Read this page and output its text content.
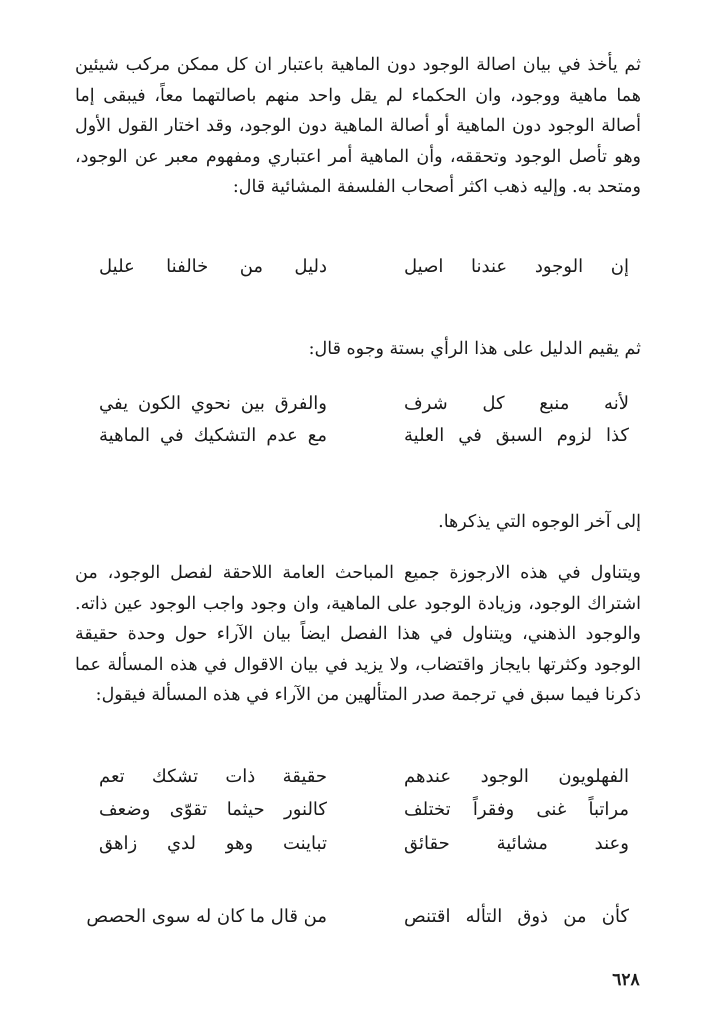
ثم يأخذ في بيان اصالة الوجود دون الماهية باعتبار ان كل ممكن مركب شيئين هما ماهية ووجود، وان الحكماء لم يقل واحد منهم باصالتهما معاً، فيبقى إما أصالة الوجود دون الماهية أو أصالة الماهية دون الوجود، وقد اختار القول الأول وهو تأصل الوجود وتحققه، وأن الماهية أمر اعتباري ومفهوم معبر عن الوجود، ومتحد به. وإليه ذهب اكثر أصحاب الفلسفة المشائية قال:

إن الوجود عندنا اصيل
دليل من خالفنا عليل

ثم يقيم الدليل على هذا الرأي بستة وجوه قال:

لأنه منبع كل شرف
والفرق بين نحوي الكون يفي
كذا لزوم السبق في العلية
مع عدم التشكيك في الماهية

إلى آخر الوجوه التي يذكرها.

ويتناول في هذه الارجوزة جميع المباحث العامة اللاحقة لفصل الوجود، من اشتراك الوجود، وزيادة الوجود على الماهية، وان وجود واجب الوجود عين ذاته. والوجود الذهني، ويتناول في هذا الفصل ايضاً بيان الآراء حول وحدة حقيقة الوجود وكثرتها بايجاز واقتضاب، ولا يزيد في بيان الاقوال في هذه المسألة عما ذكرنا فيما سبق في ترجمة صدر المتألهين من الآراء في هذه المسألة فيقول:

الفهلويون الوجود عندهم
حقيقة ذات تشكك تعم
مراتباً غنى وفقراً تختلف
كالنور حيثما تقوّى وضعف
وعند مشائية حقائق
تباينت وهو لدي زاهق
كأن من ذوق التأله اقتنص
من قال ما كان له سوى الحصص
٦٢٨
